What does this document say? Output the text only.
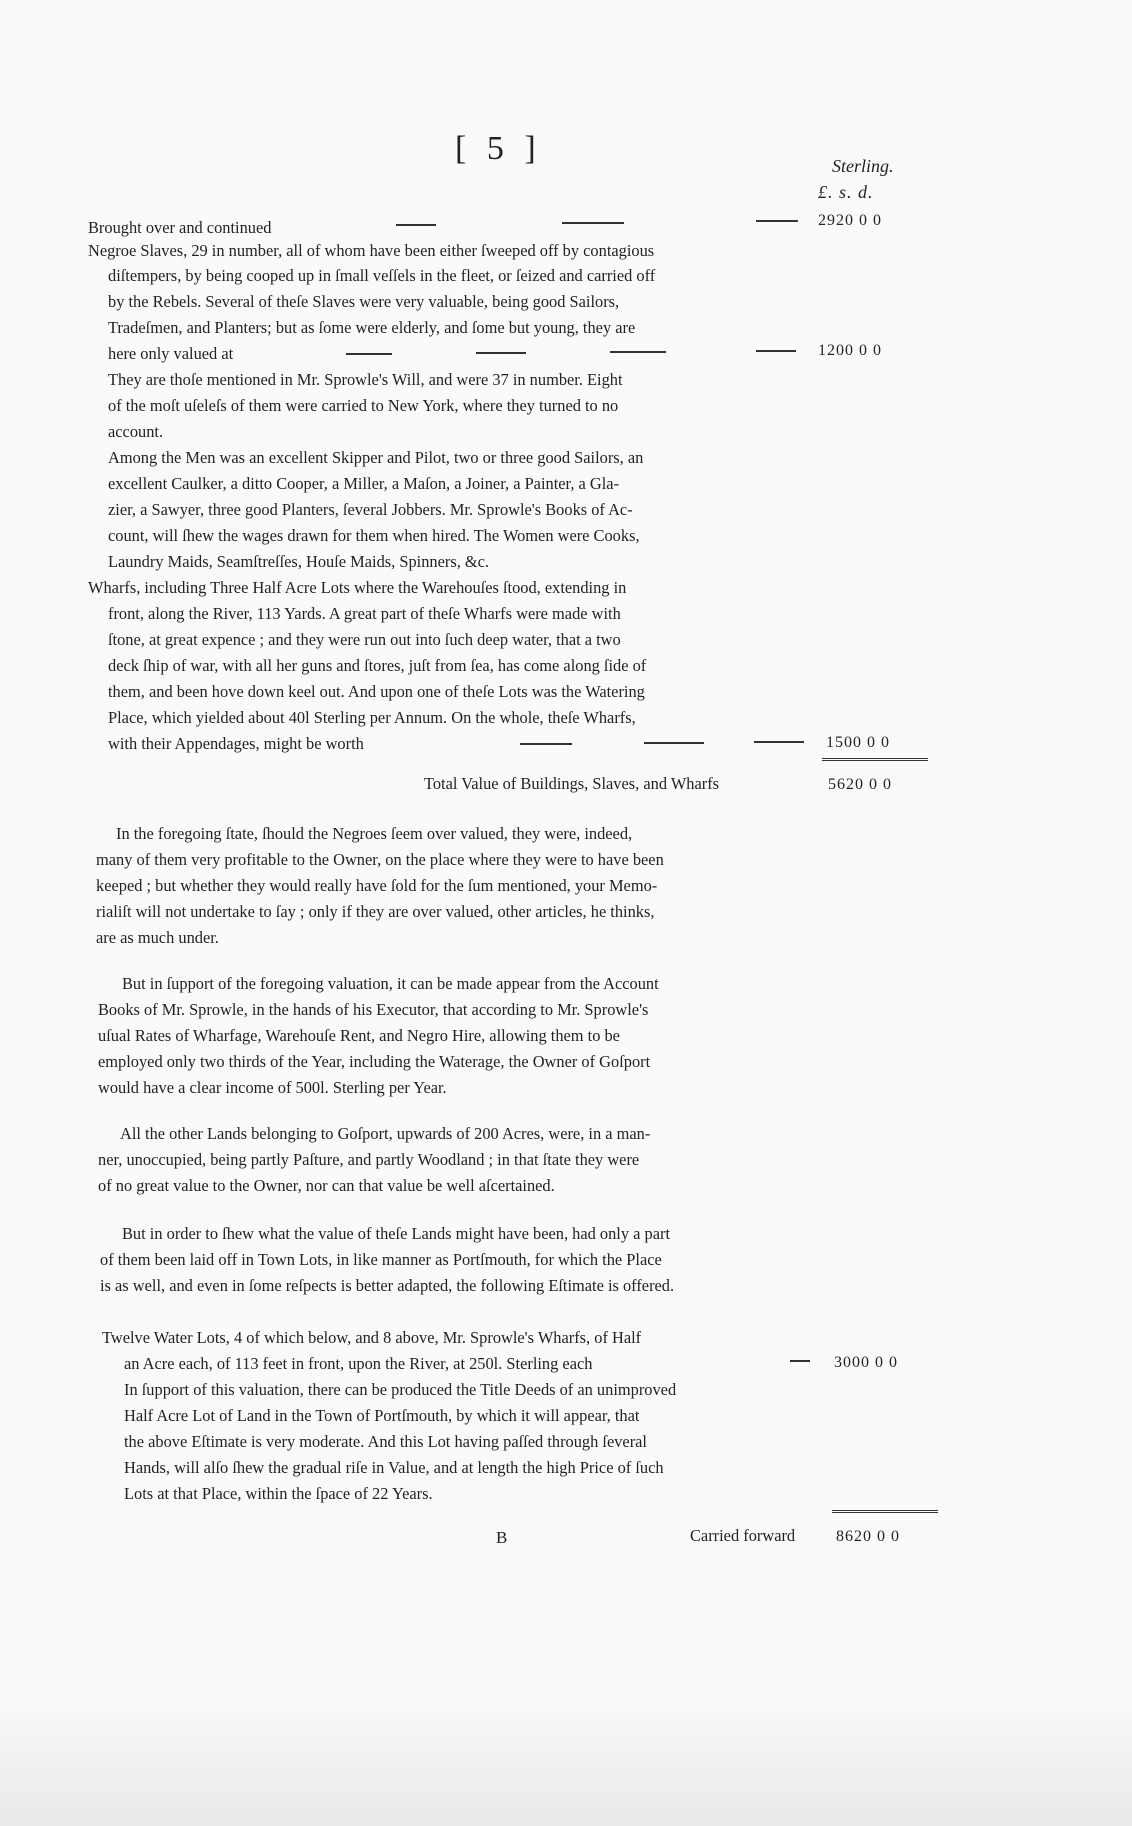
[ 5 ]	Sterling.
£. s. d.
Brought over and continued	2920 0 0
Negroe Slaves, 29 in number, all of whom have been either ſweeped off by contagious
diſtempers, by being cooped up in ſmall veſſels in the fleet, or ſeized and carried off
by the Rebels. Several of theſe Slaves were very valuable, being good Sailors,
Tradeſmen, and Planters; but as ſome were elderly, and ſome but young, they are
here only valued at	1200 0 0
They are thoſe mentioned in Mr. Sprowle's Will, and were 37 in number. Eight
of the moſt uſeleſs of them were carried to New York, where they turned to no
account.
Among the Men was an excellent Skipper and Pilot, two or three good Sailors, an
excellent Caulker, a ditto Cooper, a Miller, a Maſon, a Joiner, a Painter, a Gla-
zier, a Sawyer, three good Planters, ſeveral Jobbers. Mr. Sprowle's Books of Ac-
count, will ſhew the wages drawn for them when hired. The Women were Cooks,
Laundry Maids, Seamſtreſſes, Houſe Maids, Spinners, &c.
Wharfs, including Three Half Acre Lots where the Warehouſes ſtood, extending in
front, along the River, 113 Yards. A great part of theſe Wharfs were made with
ſtone, at great expence ; and they were run out into ſuch deep water, that a two
deck ſhip of war, with all her guns and ſtores, juſt from ſea, has come along ſide of
them, and been hove down keel out. And upon one of theſe Lots was the Watering
Place, which yielded about 40l Sterling per Annum. On the whole, theſe Wharfs,
with their Appendages, might be worth	1500 0 0
Total Value of Buildings, Slaves, and Wharfs	5620 0 0
In the foregoing ſtate, ſhould the Negroes ſeem over valued, they were, indeed,
many of them very profitable to the Owner, on the place where they were to have been
keeped ; but whether they would really have ſold for the ſum mentioned, your Memo-
rialiſt will not undertake to ſay ; only if they are over valued, other articles, he thinks,
are as much under.
But in ſupport of the foregoing valuation, it can be made appear from the Account
Books of Mr. Sprowle, in the hands of his Executor, that according to Mr. Sprowle's
uſual Rates of Wharfage, Warehouſe Rent, and Negro Hire, allowing them to be
employed only two thirds of the Year, including the Waterage, the Owner of Goſport
would have a clear income of 500l. Sterling per Year.
All the other Lands belonging to Goſport, upwards of 200 Acres, were, in a man-
ner, unoccupied, being partly Paſture, and partly Woodland ; in that ſtate they were
of no great value to the Owner, nor can that value be well aſcertained.
But in order to ſhew what the value of theſe Lands might have been, had only a part
of them been laid off in Town Lots, in like manner as Portſmouth, for which the Place
is as well, and even in ſome reſpects is better adapted, the following Eſtimate is offered.
Twelve Water Lots, 4 of which below, and 8 above, Mr. Sprowle's Wharfs, of Half
an Acre each, of 113 feet in front, upon the River, at 250l. Sterling each	3000 0 0
In ſupport of this valuation, there can be produced the Title Deeds of an unimproved
Half Acre Lot of Land in the Town of Portſmouth, by which it will appear, that
the above Eſtimate is very moderate. And this Lot having paſſed through ſeveral
Hands, will alſo ſhew the gradual riſe in Value, and at length the high Price of ſuch
Lots at that Place, within the ſpace of 22 Years.
B	Carried forward	8620 0 0
